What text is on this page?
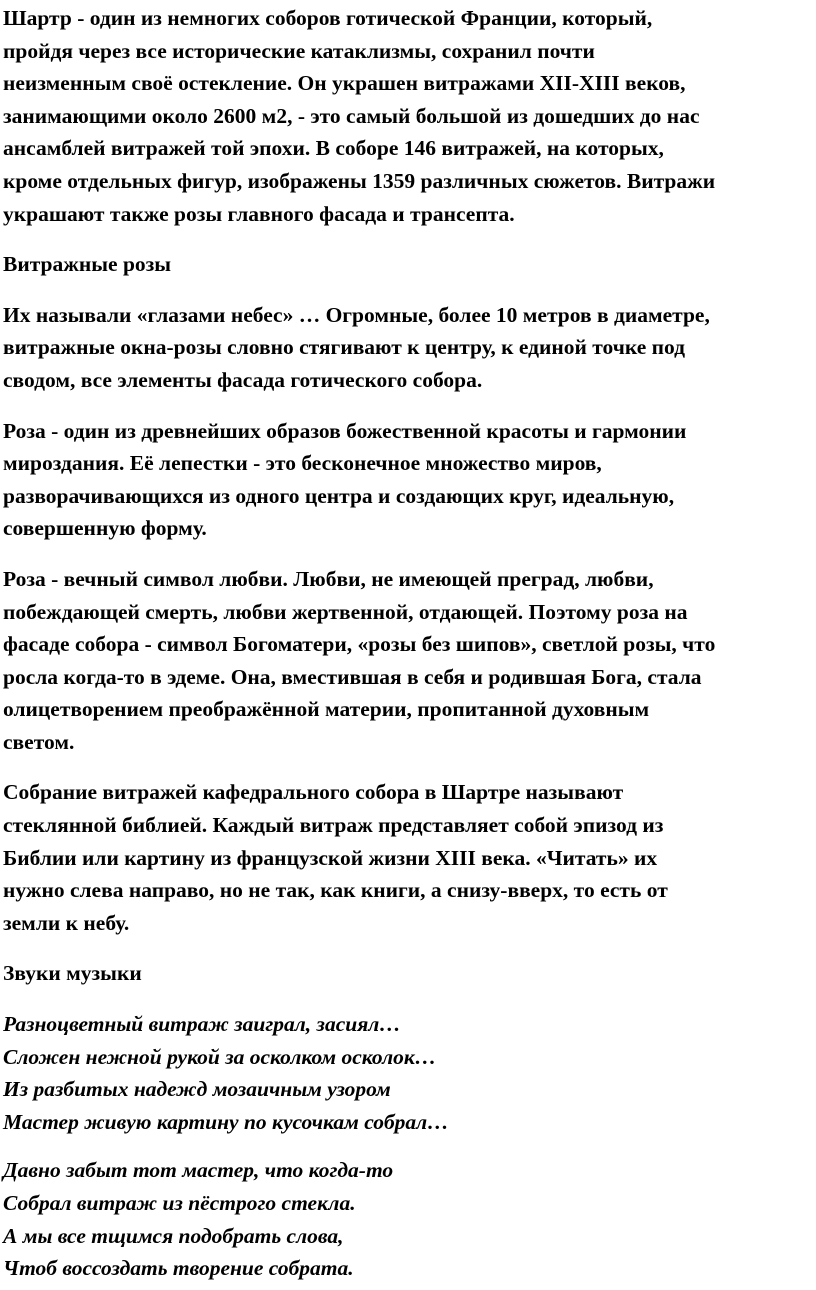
Шартр - один из немногих соборов готической Франции, который,
пройдя через все исторические катаклизмы, сохранил почти
неизменным своё остекление. Он украшен витражами XII-XIII веков,
занимающими около 2600 м2, - это самый большой из дошедших до нас
ансамблей витражей той эпохи. В соборе 146 витражей, на которых,
кроме отдельных фигур, изображены 1359 различных сюжетов. Витражи
украшают также розы главного фасада и трансепта.

Витражные розы

Их называли «глазами небес» … Огромные, более 10 метров в диаметре,
витражные окна-розы словно стягивают к центру, к единой точке под
сводом, все элементы фасада готического собора.

Роза - один из древнейших образов божественной красоты и гармонии
мироздания. Её лепестки - это бесконечное множество миров,
разворачивающихся из одного центра и создающих круг, идеальную,
совершенную форму.

Роза - вечный символ любви. Любви, не имеющей преград, любви,
побеждающей смерть, любви жертвенной, отдающей. Поэтому роза на
фасаде собора - символ Богоматери, «розы без шипов», светлой розы, что
росла когда-то в эдеме. Она, вместившая в себя и родившая Бога, стала
олицетворением преображённой материи, пропитанной духовным
светом.

Собрание витражей кафедрального собора в Шартре называют
стеклянной библией. Каждый витраж представляет собой эпизод из
Библии или картину из французской жизни XIII века. «Читать» их
нужно слева направо, но не так, как книги, а снизу-вверх, то есть от
земли к небу.

Звуки музыки

Разноцветный витраж заиграл, засиял…
Сложен нежной рукой за осколком осколок…
Из разбитых надежд мозаичным узором
Мастер живую картину по кусочкам собрал…

Давно забыт тот мастер, что когда-то
Собрал витраж из пёстрого стекла.
А мы все тщимся подобрать слова,
Чтоб воссоздать творение собрата.
